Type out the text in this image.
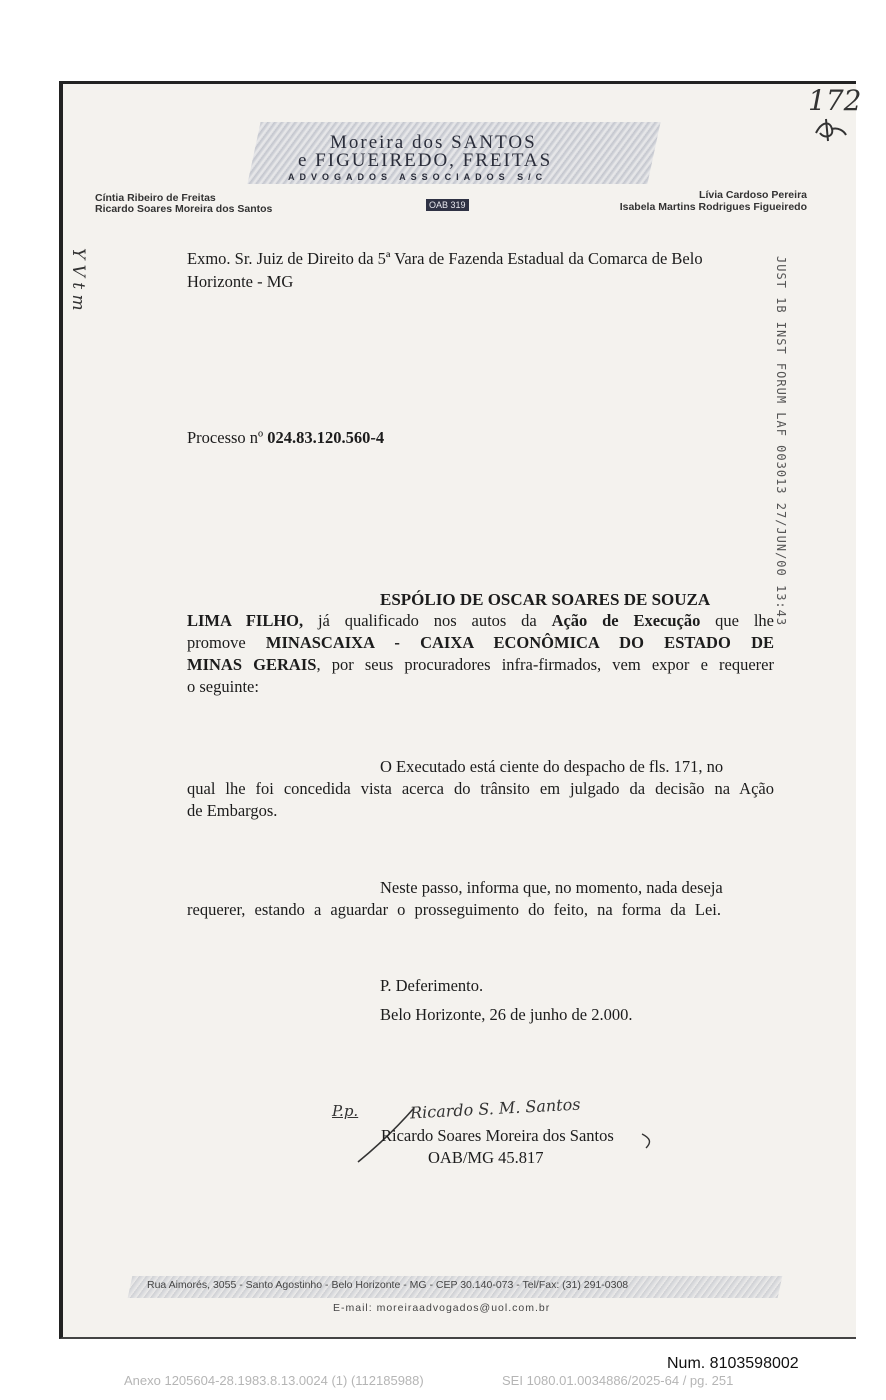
Moreira dos SANTOS
e FIGUEIREDO, FREITAS
ADVOGADOS ASSOCIADOS S/C
Cíntia Ribeiro de Freitas
Ricardo Soares Moreira dos Santos	OAB 319
Lívia Cardoso Pereira
Isabela Martins Rodrigues Figueiredo
172
Y V t m	JUST 1B INST FORUM LAF 003013 27/JUN/00 13:43
Exmo. Sr. Juiz de Direito da 5ª Vara de Fazenda Estadual da Comarca de Belo
Horizonte - MG
Processo nº 024.83.120.560-4
ESPÓLIO DE OSCAR SOARES DE SOUZA
LIMA FILHO, já qualificado nos autos da Ação de Execução que lhe
promove MINASCAIXA - CAIXA ECONÔMICA DO ESTADO DE
MINAS GERAIS, por seus procuradores infra-firmados, vem expor e requerer
o seguinte:
O Executado está ciente do despacho de fls. 171, no
qual lhe foi concedida vista acerca do trânsito em julgado da decisão na Ação
de Embargos.
Neste passo, informa que, no momento, nada deseja
requerer, estando a aguardar o prosseguimento do feito, na forma da Lei.
P. Deferimento.
Belo Horizonte, 26 de junho de 2.000.
P.p.	Ricardo S. M. Santos
Ricardo Soares Moreira dos Santos
OAB/MG 45.817
Rua Aimorés, 3055 - Santo Agostinho - Belo Horizonte - MG - CEP 30.140-073 - Tel/Fax: (31) 291-0308
E-mail: moreiraadvogados@uol.com.br
Num. 8103598002
Anexo 1205604-28.1983.8.13.0024 (1) (112185988)	SEI 1080.01.0034886/2025-64 / pg. 251
